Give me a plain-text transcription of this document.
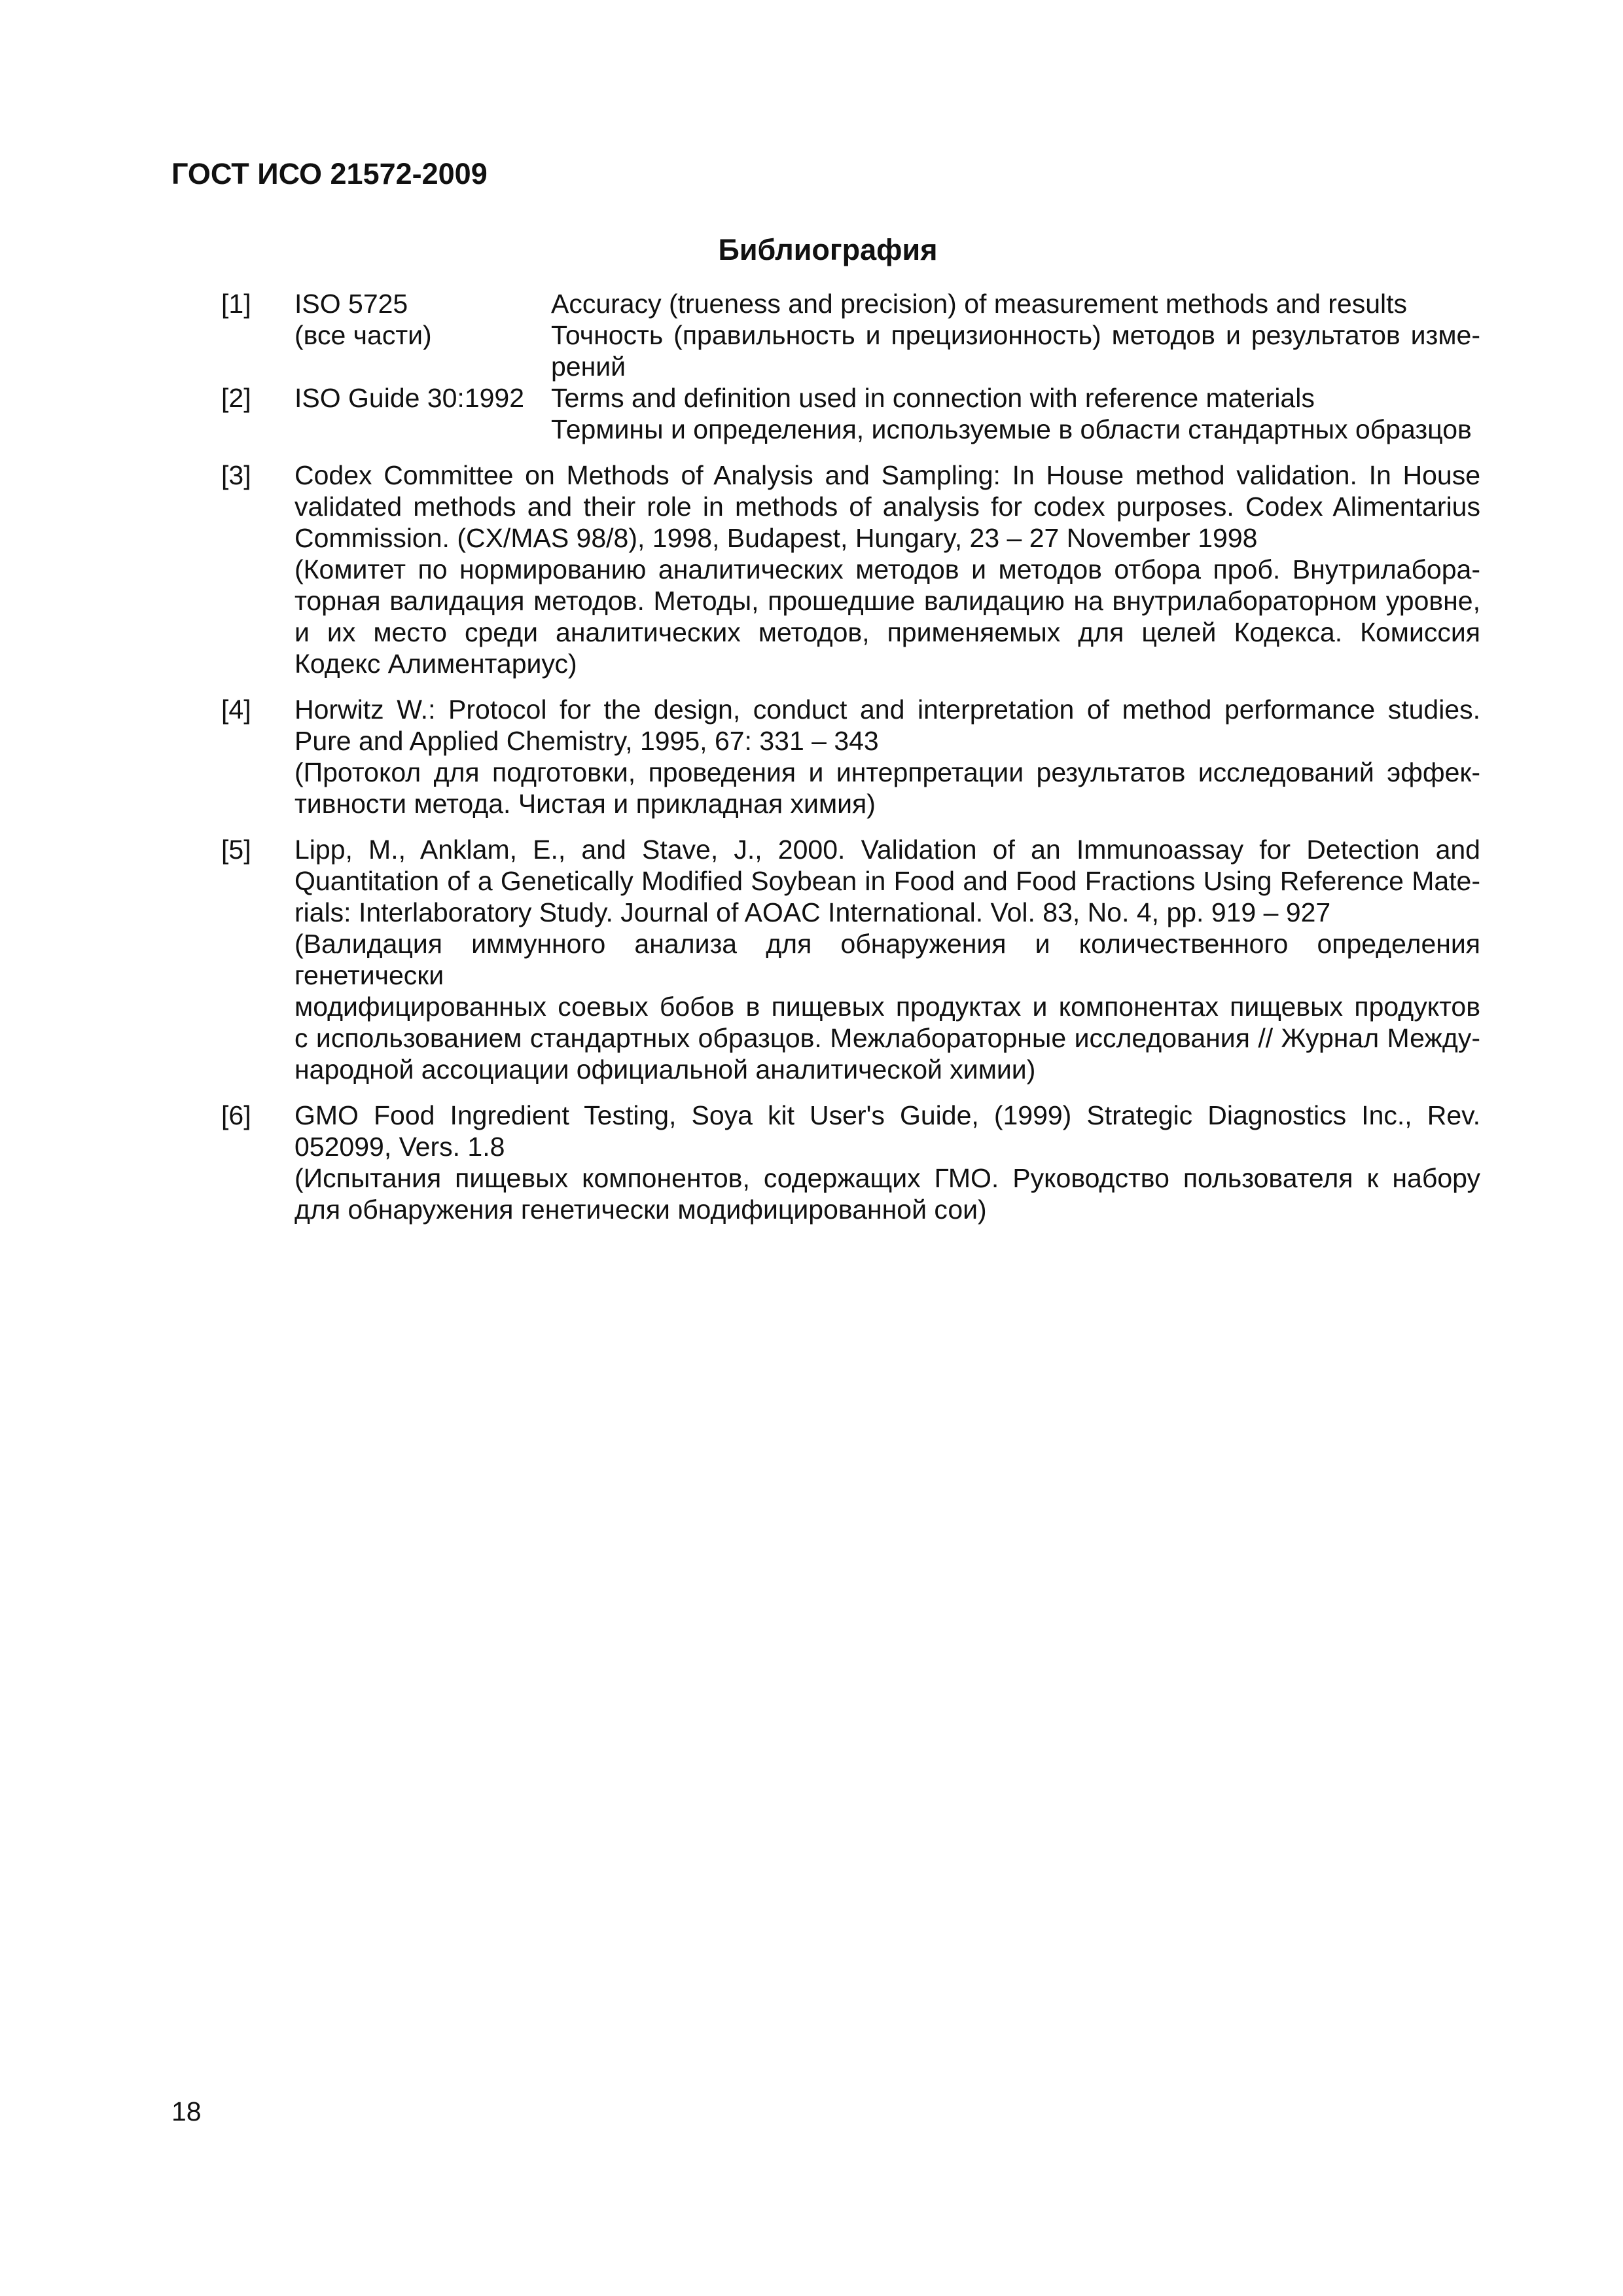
ГОСТ ИСО 21572-2009
Библиография
[1] ISO 5725	Accuracy (trueness and precision) of measurement methods and results
(все части)	Точность (правильность и прецизионность) методов и результатов изме-
рений
[2] ISO Guide 30:1992 Terms and definition used in connection with reference materials
Термины и определения, используемые в области стандартных образцов
[3] Codex Committee on Methods of Analysis and Sampling: In House method validation. In House
validated methods and their role in methods of analysis for codex purposes. Codex Alimentarius
Commission. (CX/MAS 98/8), 1998, Budapest, Hungary, 23 – 27 November 1998
(Комитет по нормированию аналитических методов и методов отбора проб. Внутрилабора-
торная валидация методов. Методы, прошедшие валидацию на внутрилабораторном уровне,
и их место среди аналитических методов, применяемых для целей Кодекса. Комиссия
Кодекс Алиментариус)
[4] Horwitz W.: Protocol for the design, conduct and interpretation of method performance studies.
Pure and Applied Chemistry, 1995, 67: 331 – 343
(Протокол для подготовки, проведения и интерпретации результатов исследований эффек-
тивности метода. Чистая и прикладная химия)
[5] Lipp, M., Anklam, E., and Stave, J., 2000. Validation of an Immunoassay for Detection and
Quantitation of a Genetically Modified Soybean in Food and Food Fractions Using Reference Mate-
rials: Interlaboratory Study. Journal of AOAC International. Vol. 83, No. 4, pp. 919 – 927
(Валидация иммунного анализа для обнаружения и количественного определения генетически
модифицированных соевых бобов в пищевых продуктах и компонентах пищевых продуктов
с использованием стандартных образцов. Межлабораторные исследования // Журнал Между-
народной ассоциации официальной аналитической химии)
[6] GMO Food Ingredient Testing, Soya kit User's Guide, (1999) Strategic Diagnostics Inc., Rev.
052099, Vers. 1.8
(Испытания пищевых компонентов, содержащих ГМО. Руководство пользователя к набору
для обнаружения генетически модифицированной сои)
18
